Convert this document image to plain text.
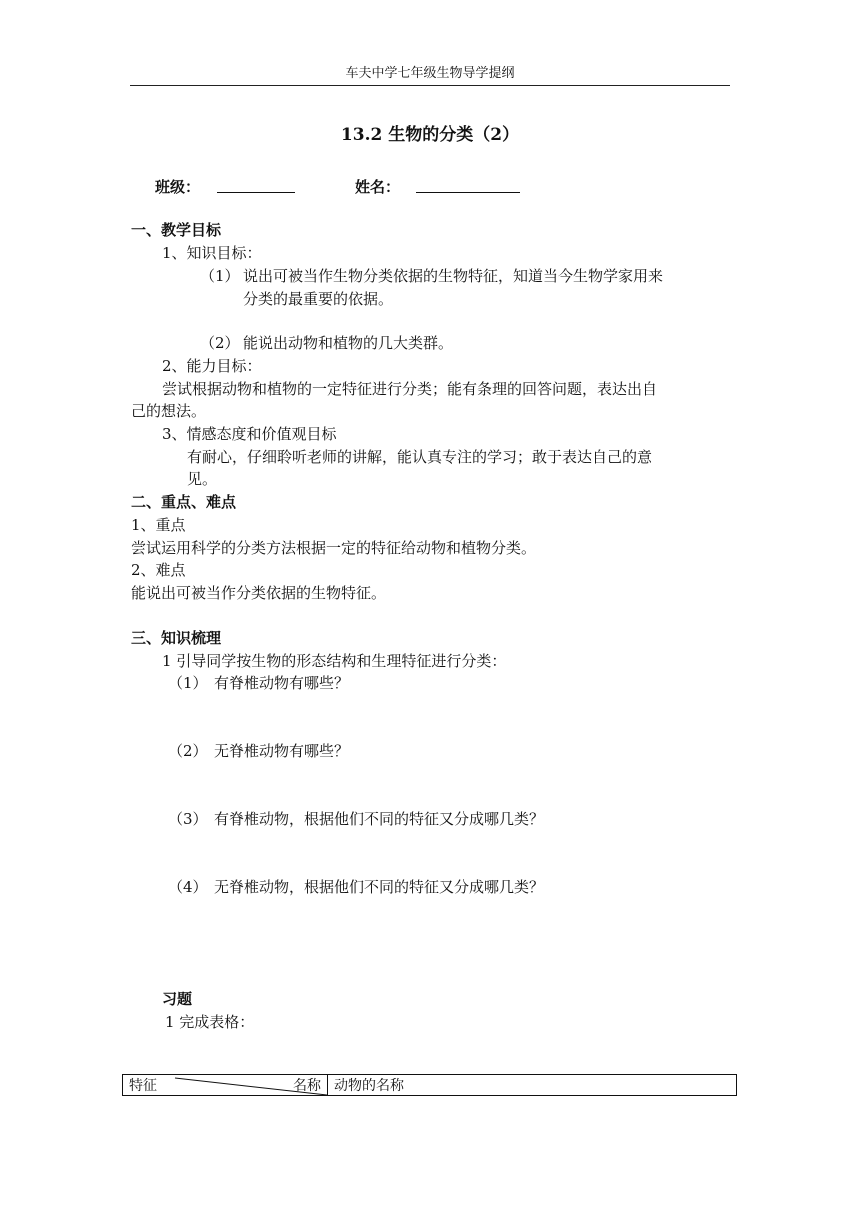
车夫中学七年级生物导学提纲
13.2 生物的分类（2）
班级：	姓名：
一、教学目标
1、知识目标：
（1） 说出可被当作生物分类依据的生物特征，知道当今生物学家用来
分类的最重要的依据。
（2） 能说出动物和植物的几大类群。
2、能力目标：
尝试根据动物和植物的一定特征进行分类；能有条理的回答问题，表达出自
己的想法。
3、情感态度和价值观目标
有耐心，仔细聆听老师的讲解，能认真专注的学习；敢于表达自己的意
见。
二、重点、难点
1、重点
尝试运用科学的分类方法根据一定的特征给动物和植物分类。
2、难点
能说出可被当作分类依据的生物特征。
三、知识梳理
1 引导同学按生物的形态结构和生理特征进行分类：
（1） 有脊椎动物有哪些？
（2） 无脊椎动物有哪些？
（3） 有脊椎动物，根据他们不同的特征又分成哪几类？
（4） 无脊椎动物，根据他们不同的特征又分成哪几类？
习题
1 完成表格：
特征	名称	动物的名称
